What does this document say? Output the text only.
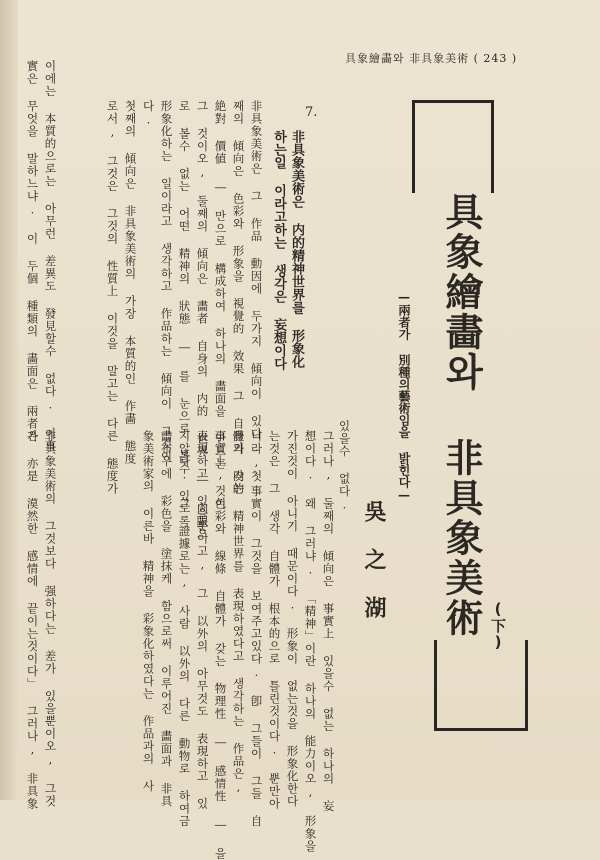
具象繪畵와 非具象美術 ( 243 )
具象繪畵와 非具象美術 (下)
—兩者가 別種의藝術임을 밝힌다—
吳之湖
7.
非具象美術은 内的精神世界를 形象化
하는일 이라고하는 생각은 妄想이다
非具象美術은 그 作品 動因에 두가지 傾向이 있다. 첫
째의 傾向은 色彩와 形象을 視覺的 效果 그 自體가 갖는
絶對 價値 ― 만으로 構成하여 하나의 畵面을 만드는 것이
그 것이오, 둘째의 傾向은 畵者 自身의 内的 世界 ― 肉眼으
로 볼수 없는 어떤 精神의 狀態 ― 를 눈으로 볼수 있도록
形象化하는 일이라고 생각하고 作品하는 傾向이 그것이
다.
첫째의 傾向은 非具象美術의 가장 本質的인 作畵 態度
로서, 그것은 그것의 性質上 이것을 말고는 다른 態度가	있을수 없다.
이에는 本質的으로는 아무런 差異도 發見할수 없다. 이事
實은 무엇을 말하느냐. 이 두個 種類의 畵面은 兩者가
그러나, 둘째의 傾向은 事實上 있을수 없는 하나의 妄
想이다. 왜 그러냐. 「精神」이란 하나의 能力이오, 形象을
가진것이 아니기 때문이다. 形象이 없는것을 形象化한다
는것은 그 생각 自體가 根本的으로 틀린것이다. 뿐만아
니라, 事實이 그것을 보여주고있다. 卽 그들이 그들 自
身의 内的 精神世界를 表現하였다고 생각하는 作品은,
事實上, 色彩와 線條 自體가 갖는 物理性 ― 感情性 ― 을
表現하고 있을뿐이고, 그 以外의 아무것도 表現하고 있
지않다. 그 證據로는, 사람 以外의 다른 動物로 하여금
畵布우에 彩色을 塗抹케 함으로써 이루어진 畵面과 非具
象美術家의 이른바 精神을 彩象化하였다는 作品과의 사
非具象美術의 그것보다 强하다는 差가 있을뿐이오, 그것
은 亦是 漠然한 感情에 끝이는것이다」 그러나, 非具象
